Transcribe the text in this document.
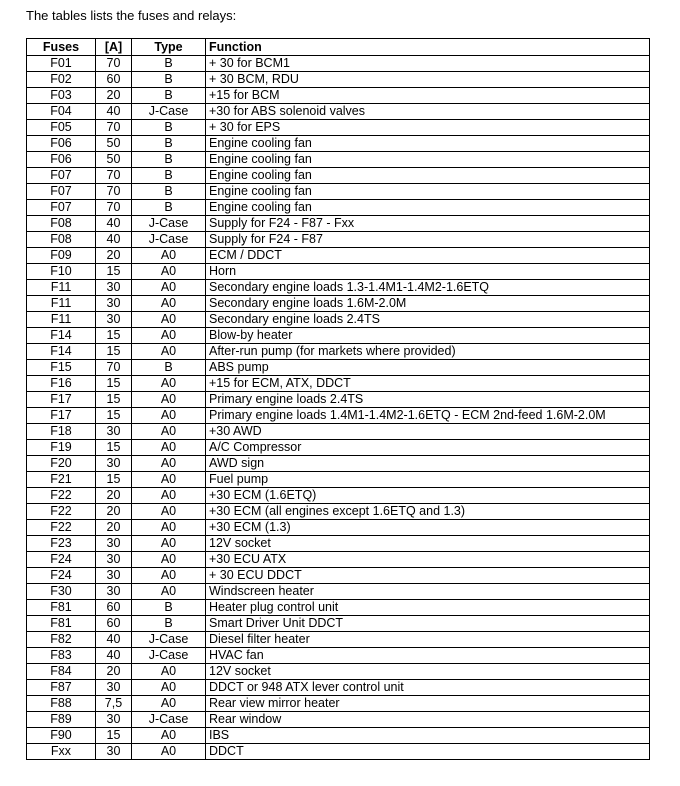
The tables lists the fuses and relays:
Fuses	[A]	Type	Function
F01	70	B	+ 30 for BCM1
F02	60	B	+ 30 BCM, RDU
F03	20	B	+15 for BCM
F04	40	J-Case	+30 for ABS solenoid valves
F05	70	B	+ 30 for EPS
F06	50	B	Engine cooling fan
F06	50	B	Engine cooling fan
F07	70	B	Engine cooling fan
F07	70	B	Engine cooling fan
F07	70	B	Engine cooling fan
F08	40	J-Case	Supply for F24 - F87 - Fxx
F08	40	J-Case	Supply for F24 - F87
F09	20	A0	ECM / DDCT
F10	15	A0	Horn
F11	30	A0	Secondary engine loads 1.3-1.4M1-1.4M2-1.6ETQ
F11	30	A0	Secondary engine loads 1.6M-2.0M
F11	30	A0	Secondary engine loads 2.4TS
F14	15	A0	Blow-by heater
F14	15	A0	After-run pump (for markets where provided)
F15	70	B	ABS pump
F16	15	A0	+15 for ECM, ATX, DDCT
F17	15	A0	Primary engine loads 2.4TS
F17	15	A0	Primary engine loads 1.4M1-1.4M2-1.6ETQ - ECM 2nd-feed 1.6M-2.0M
F18	30	A0	+30 AWD
F19	15	A0	A/C Compressor
F20	30	A0	AWD sign
F21	15	A0	Fuel pump
F22	20	A0	+30 ECM (1.6ETQ)
F22	20	A0	+30 ECM (all engines except 1.6ETQ and 1.3)
F22	20	A0	+30 ECM (1.3)
F23	30	A0	12V socket
F24	30	A0	+30 ECU ATX
F24	30	A0	+ 30 ECU DDCT
F30	30	A0	Windscreen heater
F81	60	B	Heater plug control unit
F81	60	B	Smart Driver Unit DDCT
F82	40	J-Case	Diesel filter heater
F83	40	J-Case	HVAC fan
F84	20	A0	12V socket
F87	30	A0	DDCT or 948 ATX lever control unit
F88	7,5	A0	Rear view mirror heater
F89	30	J-Case	Rear window
F90	15	A0	IBS
Fxx	30	A0	DDCT
